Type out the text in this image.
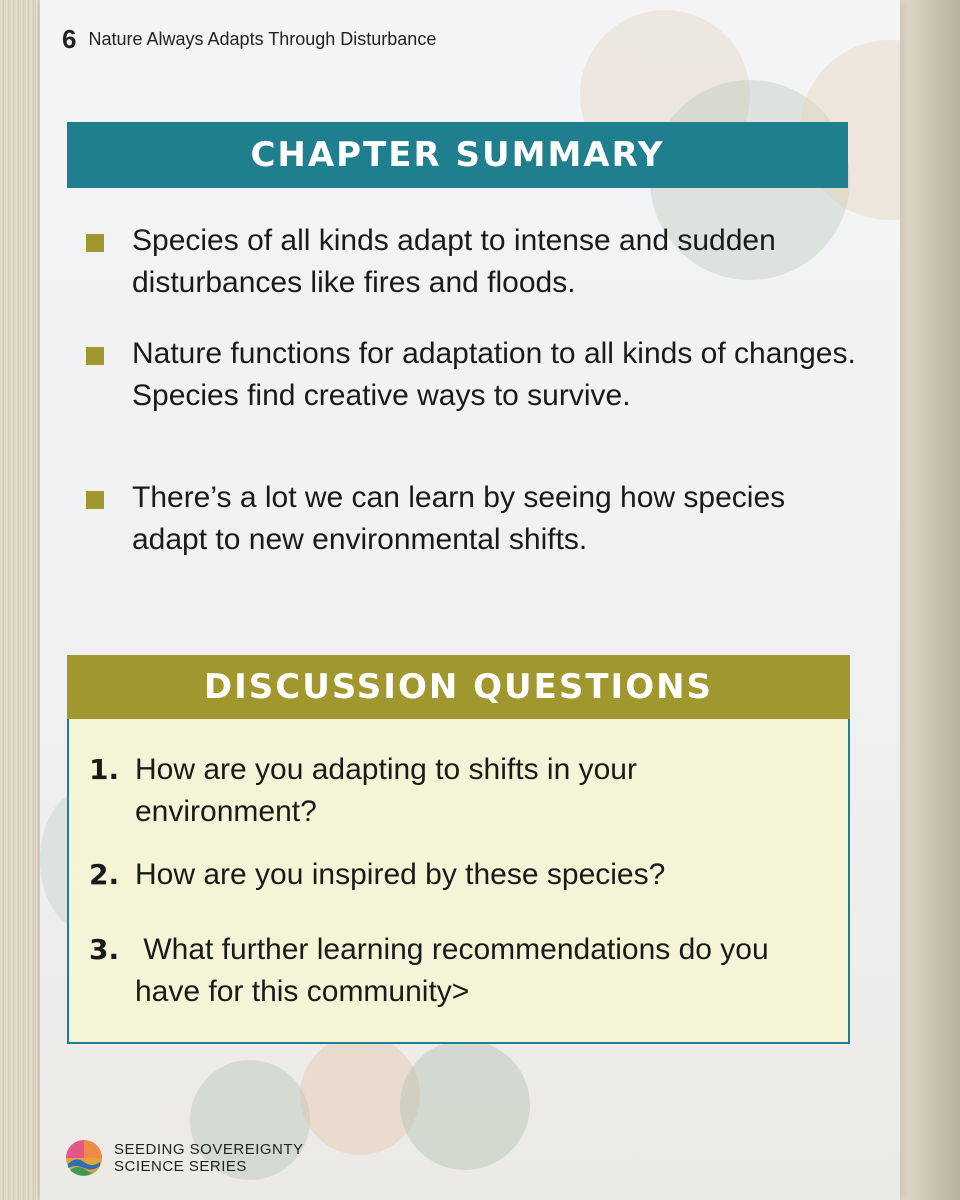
6 Nature Always Adapts Through Disturbance
CHAPTER SUMMARY
Species of all kinds adapt to intense and sudden disturbances like fires and floods.
Nature functions for adaptation to all kinds of changes. Species find creative ways to survive.
There’s a lot we can learn by seeing how species adapt to new environmental shifts.
DISCUSSION QUESTIONS
1. How are you adapting to shifts in your environment?
2. How are you inspired by these species?
3. What further learning recommendations do you have for this community>
SEEDING SOVEREIGNTY
SCIENCE SERIES
